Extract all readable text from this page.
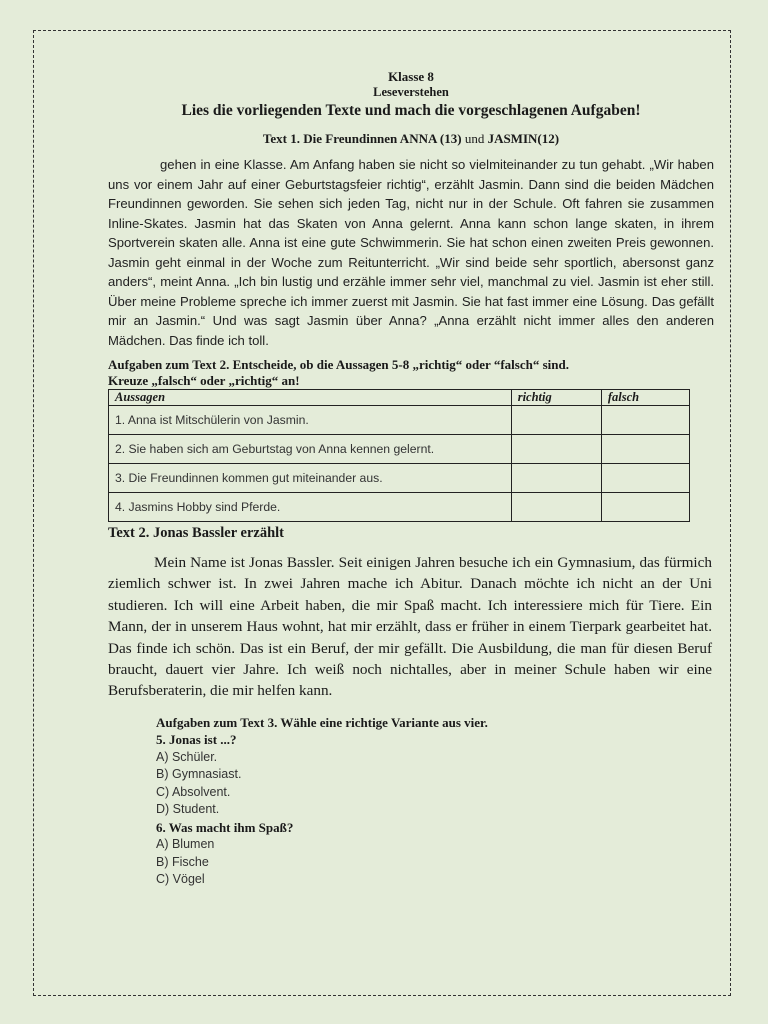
Klasse 8
Leseverstehen
Lies die vorliegenden Texte und mach die vorgeschlagenen Aufgaben!
Text 1. Die Freundinnen ANNA (13) und JASMIN(12)
gehen in eine Klasse. Am Anfang haben sie nicht so vielmiteinander zu tun gehabt. „Wir haben uns vor einem Jahr auf einer Geburtstagsfeier richtig“, erzählt Jasmin. Dann sind die beiden Mädchen Freundinnen geworden. Sie sehen sich jeden Tag, nicht nur in der Schule. Oft fahren sie zusammen Inline-Skates. Jasmin hat das Skaten von Anna gelernt. Anna kann schon lange skaten, in ihrem Sportverein skaten alle. Anna ist eine gute Schwimmerin. Sie hat schon einen zweiten Preis gewonnen. Jasmin geht einmal in der Woche zum Reitunterricht. „Wir sind beide sehr sportlich, abersonst ganz anders“, meint Anna. „Ich bin lustig und erzähle immer sehr viel, manchmal zu viel. Jasmin ist eher still. Über meine Probleme spreche ich immer zuerst mit Jasmin. Sie hat fast immer eine Lösung. Das gefällt mir an Jasmin.“ Und was sagt Jasmin über Anna? „Anna erzählt nicht immer alles den anderen Mädchen. Das finde ich toll.
Aufgaben zum Text 2. Entscheide, ob die Aussagen 5-8 „richtig“ oder “falsch“ sind.
Kreuze „falsch“ oder „richtig“ an!
Aussagen	richtig	falsch
1. Anna ist Mitschülerin von Jasmin.		
2. Sie haben sich am Geburtstag von Anna kennen gelernt.		
3. Die Freundinnen kommen gut miteinander aus.		
4. Jasmins Hobby sind Pferde.		
Text 2. Jonas Bassler erzählt
Mein Name ist Jonas Bassler. Seit einigen Jahren besuche ich ein Gymnasium, das fürmich ziemlich schwer ist. In zwei Jahren mache ich Abitur. Danach möchte ich nicht an der Uni studieren. Ich will eine Arbeit haben, die mir Spaß macht. Ich interessiere mich für Tiere. Ein Mann, der in unserem Haus wohnt, hat mir erzählt, dass er früher in einem Tierpark gearbeitet hat. Das finde ich schön. Das ist ein Beruf, der mir gefällt. Die Ausbildung, die man für diesen Beruf braucht, dauert vier Jahre. Ich weiß noch nichtalles, aber in meiner Schule haben wir eine Berufsberaterin, die mir helfen kann.
Aufgaben zum Text 3. Wähle eine richtige Variante aus vier.
5. Jonas ist ...?
A) Schüler.
B) Gymnasiast.
C) Absolvent.
D) Student.
6. Was macht ihm Spaß?
A) Blumen
B) Fische
C) Vögel
